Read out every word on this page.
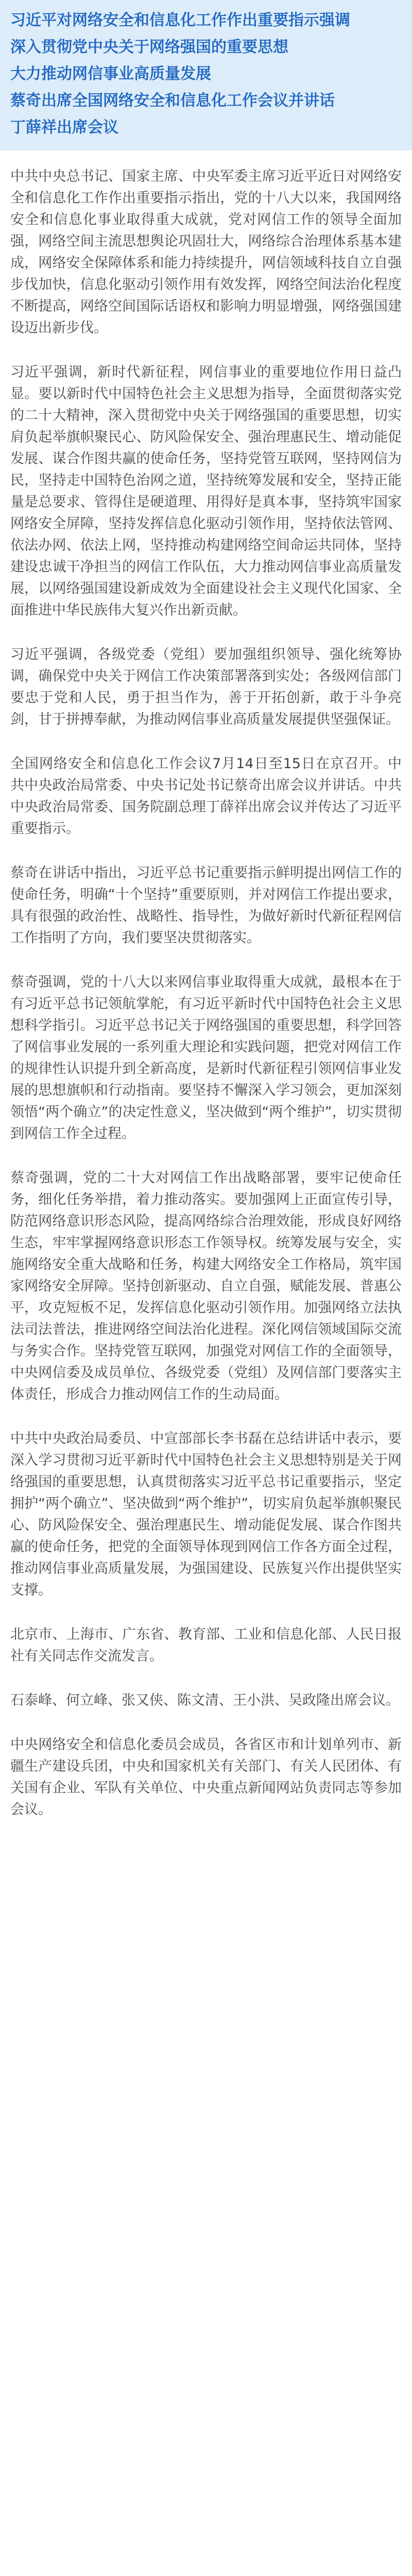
习近平对网络安全和信息化工作作出重要指示强调
深入贯彻党中央关于网络强国的重要思想
大力推动网信事业高质量发展
蔡奇出席全国网络安全和信息化工作会议并讲话
丁薛祥出席会议

中共中央总书记、国家主席、中央军委主席习近平近日对网络安全和信息化工作作出重要指示指出，党的十八大以来，我国网络安全和信息化事业取得重大成就，党对网信工作的领导全面加强，网络空间主流思想舆论巩固壮大，网络综合治理体系基本建成，网络安全保障体系和能力持续提升，网信领域科技自立自强步伐加快，信息化驱动引领作用有效发挥，网络空间法治化程度不断提高，网络空间国际话语权和影响力明显增强，网络强国建设迈出新步伐。

习近平强调，新时代新征程，网信事业的重要地位作用日益凸显。要以新时代中国特色社会主义思想为指导，全面贯彻落实党的二十大精神，深入贯彻党中央关于网络强国的重要思想，切实肩负起举旗帜聚民心、防风险保安全、强治理惠民生、增动能促发展、谋合作图共赢的使命任务，坚持党管互联网，坚持网信为民，坚持走中国特色治网之道，坚持统筹发展和安全，坚持正能量是总要求、管得住是硬道理、用得好是真本事，坚持筑牢国家网络安全屏障，坚持发挥信息化驱动引领作用，坚持依法管网、依法办网、依法上网，坚持推动构建网络空间命运共同体，坚持建设忠诚干净担当的网信工作队伍，大力推动网信事业高质量发展，以网络强国建设新成效为全面建设社会主义现代化国家、全面推进中华民族伟大复兴作出新贡献。

习近平强调，各级党委（党组）要加强组织领导、强化统筹协调，确保党中央关于网信工作决策部署落到实处；各级网信部门要忠于党和人民，勇于担当作为，善于开拓创新，敢于斗争亮剑，甘于拼搏奉献，为推动网信事业高质量发展提供坚强保证。

全国网络安全和信息化工作会议7月14日至15日在京召开。中共中央政治局常委、中央书记处书记蔡奇出席会议并讲话。中共中央政治局常委、国务院副总理丁薛祥出席会议并传达了习近平重要指示。

蔡奇在讲话中指出，习近平总书记重要指示鲜明提出网信工作的使命任务，明确“十个坚持”重要原则，并对网信工作提出要求，具有很强的政治性、战略性、指导性，为做好新时代新征程网信工作指明了方向，我们要坚决贯彻落实。

蔡奇强调，党的十八大以来网信事业取得重大成就，最根本在于有习近平总书记领航掌舵，有习近平新时代中国特色社会主义思想科学指引。习近平总书记关于网络强国的重要思想，科学回答了网信事业发展的一系列重大理论和实践问题，把党对网信工作的规律性认识提升到全新高度，是新时代新征程引领网信事业发展的思想旗帜和行动指南。要坚持不懈深入学习领会，更加深刻领悟“两个确立”的决定性意义，坚决做到“两个维护”，切实贯彻到网信工作全过程。

蔡奇强调，党的二十大对网信工作出战略部署，要牢记使命任务，细化任务举措，着力推动落实。要加强网上正面宣传引导，防范网络意识形态风险，提高网络综合治理效能，形成良好网络生态，牢牢掌握网络意识形态工作领导权。统筹发展与安全，实施网络安全重大战略和任务，构建大网络安全工作格局，筑牢国家网络安全屏障。坚持创新驱动、自立自强，赋能发展、普惠公平，攻克短板不足，发挥信息化驱动引领作用。加强网络立法执法司法普法，推进网络空间法治化进程。深化网信领域国际交流与务实合作。坚持党管互联网，加强党对网信工作的全面领导，中央网信委及成员单位、各级党委（党组）及网信部门要落实主体责任，形成合力推动网信工作的生动局面。

中共中央政治局委员、中宣部部长李书磊在总结讲话中表示，要深入学习贯彻习近平新时代中国特色社会主义思想特别是关于网络强国的重要思想，认真贯彻落实习近平总书记重要指示，坚定拥护“两个确立”、坚决做到“两个维护”，切实肩负起举旗帜聚民心、防风险保安全、强治理惠民生、增动能促发展、谋合作图共赢的使命任务，把党的全面领导体现到网信工作各方面全过程，推动网信事业高质量发展，为强国建设、民族复兴作出提供坚实支撑。

北京市、上海市、广东省、教育部、工业和信息化部、人民日报社有关同志作交流发言。

石泰峰、何立峰、张又侠、陈文清、王小洪、吴政隆出席会议。

中央网络安全和信息化委员会成员，各省区市和计划单列市、新疆生产建设兵团，中央和国家机关有关部门、有关人民团体、有关国有企业、军队有关单位、中央重点新闻网站负责同志等参加会议。
